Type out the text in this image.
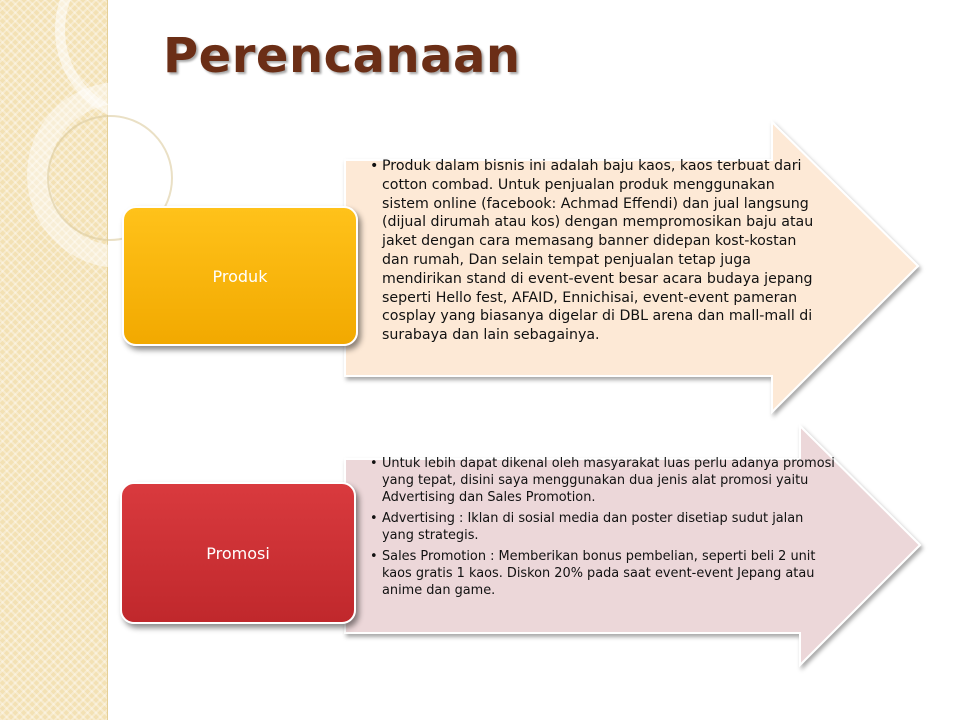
Perencanaan
Produk
• Produk dalam bisnis ini adalah baju kaos, kaos terbuat dari cotton combad. Untuk penjualan produk menggunakan sistem online (facebook: Achmad Effendi) dan jual langsung (dijual dirumah atau kos) dengan mempromosikan baju atau jaket dengan cara memasang banner didepan kost-kostan dan rumah, Dan selain tempat penjualan tetap juga mendirikan stand di event-event besar acara budaya jepang seperti Hello fest, AFAID, Ennichisai, event-event pameran cosplay yang biasanya digelar di DBL arena dan mall-mall di surabaya dan lain sebagainya.
Promosi
• Untuk lebih dapat dikenal oleh masyarakat luas perlu adanya promosi yang tepat, disini saya menggunakan dua jenis alat promosi yaitu Advertising dan Sales Promotion.
• Advertising : Iklan di sosial media dan poster disetiap sudut jalan yang strategis.
• Sales Promotion : Memberikan bonus pembelian, seperti beli 2 unit kaos gratis 1 kaos. Diskon 20% pada saat event-event Jepang atau anime dan game.
